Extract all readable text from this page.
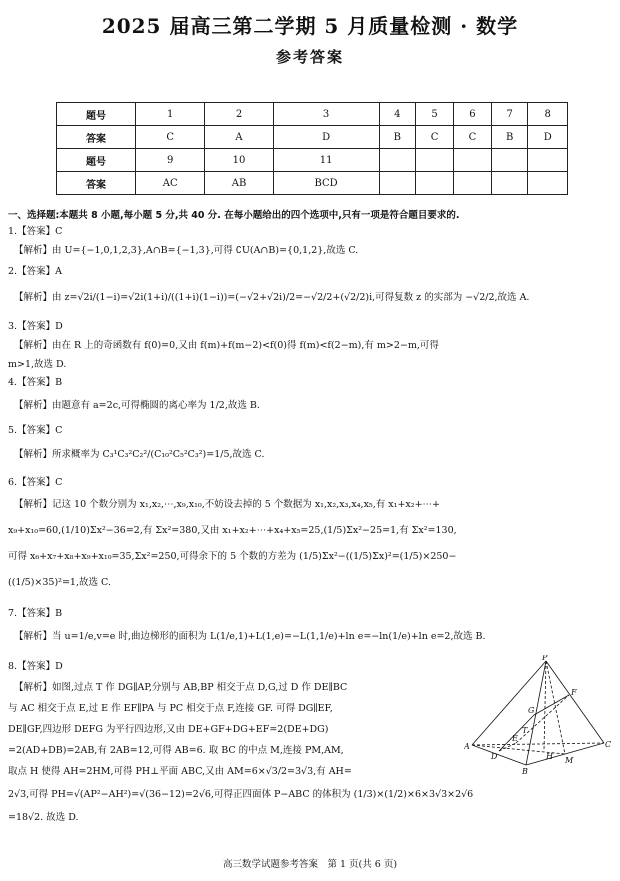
2025 届高三第二学期 5 月质量检测 · 数学
参考答案
题号	1	2	3	4	5	6	7	8
答案	C	A	D	B	C	C	B	D
题号	9	10	11					
答案	AC	AB	BCD					
一、选择题:本题共 8 小题,每小题 5 分,共 40 分. 在每小题给出的四个选项中,只有一项是符合题目要求的.

1.【答案】C

【解析】由 U={−1,0,1,2,3},A∩B={−1,3},可得 ∁U(A∩B)={0,1,2},故选 C.

2.【答案】A

【解析】由 z=√2i/(1−i)=√2i(1+i)/((1+i)(1−i))=(−√2+√2i)/2=−√2/2+(√2/2)i,可得复数 z 的实部为 −√2/2,故选 A.

3.【答案】D

【解析】由在 R 上的奇函数有 f(0)=0,又由 f(m)+f(m−2)<f(0)得 f(m)<f(2−m),有 m>2−m,可得

m>1,故选 D.

4.【答案】B

【解析】由题意有 a=2c,可得椭圆的离心率为 1/2,故选 B.

5.【答案】C

【解析】所求概率为 C₃¹C₃²C₂²/(C₁₀²C₅²C₃²)=1/5,故选 C.

6.【答案】C

【解析】记这 10 个数分别为 x₁,x₂,⋯,x₉,x₁₀,不妨设去掉的 5 个数据为 x₁,x₂,x₃,x₄,x₅,有 x₁+x₂+⋯+

x₉+x₁₀=60,(1/10)Σx²−36=2,有 Σx²=380,又由 x₁+x₂+⋯+x₄+x₅=25,(1/5)Σx²−25=1,有 Σx²=130,

可得 x₆+x₇+x₈+x₉+x₁₀=35,Σx²=250,可得余下的 5 个数的方差为 (1/5)Σx²−((1/5)Σx)²=(1/5)×250−

((1/5)×35)²=1,故选 C.

7.【答案】B

【解析】当 u=1/e,v=e 时,曲边梯形的面积为 L(1/e,1)+L(1,e)=−L(1,1/e)+ln e=−ln(1/e)+ln e=2,故选 B.

8.【答案】D

【解析】如图,过点 T 作 DG∥AP,分别与 AB,BP 相交于点 D,G,过 D 作 DE∥BC

与 AC 相交于点 E,过 E 作 EF∥PA 与 PC 相交于点 F,连接 GF. 可得 DG∥EF,

DE∥GF,四边形 DEFG 为平行四边形,又由 DE+GF+DG+EF=2(DE+DG)

=2(AD+DB)=2AB,有 2AB=12,可得 AB=6. 取 BC 的中点 M,连接 PM,AM,

取点 H 使得 AH=2HM,可得 PH⊥平面 ABC,又由 AM=6×√3/2=3√3,有 AH=

2√3,可得 PH=√(AP²−AH²)=√(36−12)=2√6,可得正四面体 P−ABC 的体积为 (1/3)×(1/2)×6×3√3×2√6

=18√2. 故选 D.

P
A
B
C
D
E
F
G
H M
T
高三数学试题参考答案　第 1 页(共 6 页)
